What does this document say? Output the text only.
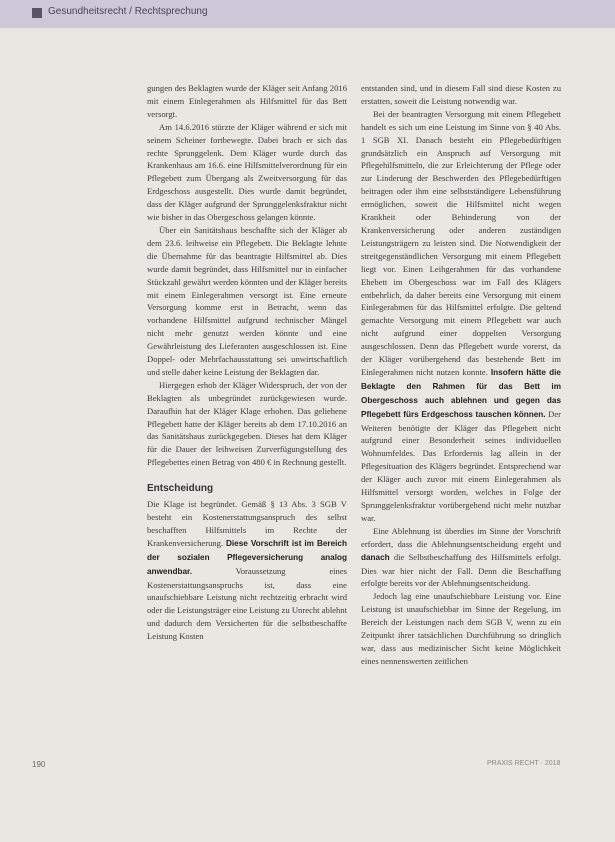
Gesundheitsrecht / Rechtsprechung

gungen des Beklagten wurde der Kläger seit Anfang 2016 mit einem Einlegerahmen als Hilfsmittel für das Bett versorgt.

Am 14.6.2016 stürzte der Kläger während er sich mit seinem Scheiner fortbewegte. Dabei brach er sich das rechte Sprunggelenk. Dem Kläger wurde durch das Krankenhaus am 16.6. eine Hilfsmittelverordnung für ein Pflegebett zum Übergang als Zweitversorgung für das Erdgeschoss ausgestellt. Dies wurde damit begründet, dass der Kläger aufgrund der Sprunggelenksfraktur nicht wie bisher in das Obergeschoss gelangen könnte.

Über ein Sanitätshaus beschaffte sich der Kläger ab dem 23.6. leihweise ein Pflegebett. Die Beklagte lehnte die Übernahme für das beantragte Hilfsmittel ab. Dies wurde damit begründet, dass Hilfsmittel nur in einfacher Stückzahl gewährt werden könnten und der Kläger bereits mit einem Einlegerahmen versorgt ist. Eine erneute Versorgung komme erst in Betracht, wenn das vorhandene Hilfsmittel aufgrund technischer Mängel nicht mehr genutzt werden könnte und eine Gewährleistung des Lieferanten ausgeschlossen ist. Eine Doppel- oder Mehrfachausstattung sei unwirtschaftlich und stelle daher keine Leistung der Beklagten dar.

Hiergegen erhob der Kläger Widerspruch, der von der Beklagten als unbegründet zurückgewiesen wurde. Daraufhin hat der Kläger Klage erhoben. Das geliehene Pflegebett hatte der Kläger bereits ab dem 17.10.2016 an das Sanitätshaus zurückgegeben. Dieses hat dem Kläger für die Dauer der leihweisen Zurverfügungstellung des Pflegebettes einen Betrag von 480 € in Rechnung gestellt.

Entscheidung

Die Klage ist begründet. Gemäß § 13 Abs. 3 SGB V besteht ein Kostenerstattungsanspruch des selbst beschafften Hilfsmittels im Rechte der Krankenversicherung. Diese Vorschrift ist im Bereich der sozialen Pflegeversicherung analog anwendbar. Voraussetzung eines Kostenerstattungsanspruchs ist, dass eine unaufschiebbare Leistung nicht rechtzeitig erbracht wird oder die Leistungsträger eine Leistung zu Unrecht ablehnt und dadurch dem Versicherten für die selbstbeschaffte Leistung Kosten

entstanden sind, und in diesem Fall sind diese Kosten zu erstatten, soweit die Leistung notwendig war.

Bei der beantragten Versorgung mit einem Pflegebett handelt es sich um eine Leistung im Sinne von § 40 Abs. 1 SGB XI. Danach besteht ein Pflegebedürftigen grundsätzlich ein Anspruch auf Versorgung mit Pflegehilfsmitteln, die zur Erleichterung der Pflege oder zur Linderung der Beschwerden des Pflegebedürftigen beitragen oder ihm eine selbstständigere Lebensführung ermöglichen, soweit die Hilfsmittel nicht wegen Krankheit oder Behinderung von der Krankenversicherung oder anderen zuständigen Leistungsträgern zu leisten sind. Die Notwendigkeit der streitgegenständlichen Versorgung mit einem Pflegebett liegt vor. Einen Leihgerahmen für das vorhandene Ehebett im Obergeschoss war im Fall des Klägers entbehrlich, da daher bereits eine Versorgung mit einem Einlegerahmen für das Hilfsmittel erfolgte. Die geltend gemachte Versorgung mit einem Pflegebett war auch nicht aufgrund einer doppelten Versorgung ausgeschlossen. Denn das Pflegebett wurde vorerst, da der Kläger vorübergehend das bestehende Bett im Einlegerahmen nicht nutzen konnte. Insofern hätte die Beklagte den Rahmen für das Bett im Obergeschoss auch ablehnen und gegen das Pflegebett fürs Erdgeschoss tauschen können. Der Weiteren benötigte der Kläger das Pflegebett nicht aufgrund einer Besonderheit seines individuellen Wohnumfeldes. Das Erfordernis lag allein in der Pflegesituation des Klägers begründet. Entsprechend war der Kläger auch zuvor mit einem Einlegerahmen als Hilfsmittel versorgt worden, welches in Folge der Sprunggelenksfraktur vorübergehend nicht mehr nutzbar war.

Eine Ablehnung ist überdies im Sinne der Vorschrift erfordert, dass die Ablehnungsentscheidung ergeht und danach die Selbstbeschaffung des Hilfsmittels erfolgt. Dies war hier nicht der Fall. Denn die Beschaffung erfolgte bereits vor der Ablehnungsentscheidung.

Jedoch lag eine unaufschiebbare Leistung vor. Eine Leistung ist unaufschiebbar im Sinne der Regelung, im Bereich der Leistungen nach dem SGB V, wenn zu ein Zeitpunkt ihrer tatsächlichen Durchführung so dringlich war, dass aus medizinischer Sicht keine Möglichkeit eines nennenswerten zeitlichen

190	PRAXIS RECHT · 2018
